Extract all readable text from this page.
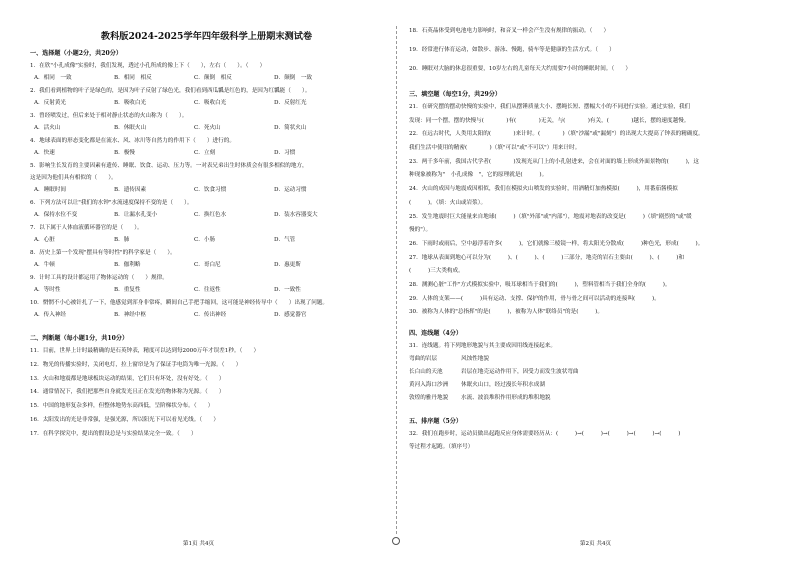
教科版2024-2025学年四年级科学上册期末测试卷
一、选择题（小题2分，共20分）
1．在欣"小孔成像"实验时，我们发现，透过小孔所成的像上下（　　），左右（　　）。（　　）
A．相同　一致	B．相同　相反	C．颠倒　相反	D．颠倒　一致
2．我们看到植物的叶子是绿色的，是因为叶子反射了绿色光，我们看到西瓜瓤是红色的，是因为红瓤能（　　）。
A．反射黄光	B．吸收白光	C．吸收白光	D．反射红光
3．曾经喷发过，但后来处于相对静止状态的火山称为（　　）。
A．活火山	B．休眠火山	C．死火山	D．简状火山
4．地球表面的形态变化都是在流水、风、冰川等自然力的作用下（　　）进行的。
A．快速	B．极慢	C．立刻	D．习惯
5．影响生长发育的主要因素有遗传、睡眠、饮食、运动、压力等。一对表兄弟出生时体质会有很多相似的地方，
这是因为他们具有相似的（　　）。
A．睡眠时间	B．遗传因素	C．饮食习惯	D．运动习惯
6．下列方法可以让"我们的水钟"水流速度保持不变的是（　　）。
A．保持水位不变	B．让漏水孔变小	C．换红色水	D．装水容器变大
7．以下属于人体血液循环器官的是（　　）。
A．心脏	B．肺	C．小肠	D．气管
8．历史上第一个发现"摆具有等时性"的科学家是（　　）。
A．牛顿	B．伽利略	C．哥白尼	D．惠更斯
9．计时工具的设计都运用了物体运动的（　　）规律。
A．等时性	B．重复性	C．往返性	D．一致性
10．惘惘不小心被针扎了一下，他感觉到浑身非常疼，瞬间自己手把手缩回，这可能是神经传导中（　　）出现了问题。
A．传入神经	B．神经中枢	C．传出神经	D．感觉器官
二、判断题（每小题1分，共10分）
11．目前，世界上计时最精确的是石英钟表，精度可以达到每2000万年才误差1秒。（　　）
12．物光的传播实验时，关闭电灯，拉上窗帘是为了保证手电筒为唯一光源。（　　）
13．火山和地震都是地球板块运动的结果，它们只有坏处，没有好处。（　　）
14．通常情况下，我们把那些自身就发光且正在发光的物体称为光源。（　　）
15．中国的地形复杂多样，但整体地势东高西低，呈阶梯状分布。（　　）
16．太阳发出的光是非常强，是强光源，所以阳光下可以看见光线。（　　）
17．在科学探究中，提出的假设总是与实验结果完全一致。（　　）
18．石英晶体受到电池电力影响时，和音叉一样会产生没有规律的振动。（　　）
19．经常进行体育运动，如散步、游泳、慢跑，骑车等是健康的生活方式。（　　）
20．睡眠对大脑的休息很重要，10岁左右的儿童每天大约需要7小时的睡眠时间。（　　）
三、填空题（每空1分，共29分）
21．在研究摆的摆动快慢的实验中，我们从摆锤质量大小、摆绳长短、摆幅大小的不同进行实验。通过实验，我们
发现：同一个摆，摆的快慢与(　　　　)有(　　　　)无关，与(　　　　)有关，(　　　　)越长，摆的速度越慢。
22．在远古时代，人类用太阳的(　　　　)来计时。(　　　　)（填"沙漏"或"漏刻"）的出现大大提高了钟表的精确度。
我们生活中使用的精密(　　　　)（填"可以"或"不可以"）用来计时。
23．两千多年前，我国古代学者(　　　　)发现光从门上的小孔射进来，会在对面的墙上形成外面景物的(　　　)，这
种现象被称为"　小孔成像　"，它的原理就是(　　　)。
24．火山的成因与地震成因相似，我们在模拟火山喷发的实验时，用酒精灯加热模拟(　　　)，用番茄酱模拟
(　　　)。（填：火山或岩浆）。
25．发生地震时巨大能量来自地球(　　　)（填"外部"或"内部"），地震对地表的改变是(　　　)（填"剧烈的"或"缓
慢的"）。
26．下雨时或雨后，空中悬浮着许多(　　　)，它们就像三棱镜一样，将太阳光分散成(　　　)种色光，形成(　　　)。
27．地球从表面到地心可以分为(　　　)、(　　　)、(　　　)三部分，地壳的岩石主要由(　　　)、(　　　)和
(　　　)三大类构成。
28．测测心脏"工作"方式模拟实验中，吸耳球相当于我们的(　　　)，塑料管相当于我们全身的(　　　)。
29．人体的支架——(　　　)具有运动、支撑、保护的作用，骨与骨之间可以活动的连接叫(　　　)。
30．被称为人体的"总指挥"的是(　　　)，被称为人体"联络员"的是(　　　)。
四、连线题（4分）
31．连线题。将下列地形地貌与其主要成因用线连接起来。
弯曲的岩层	风蚀性地貌
长白山的天池	岩层在地壳运动作用下，因受力而发生波状弯曲
黄河入海口沙洲	休眠火山口，经过漫长年积水成湖
敦煌的雅丹地貌	水流、波浪堆积作用形成的堆积地貌
五、排序题（5分）
32．我们在跑步时，运动员做出起跑反应身体需要经历从：(　　　)→(　　　)→(　　　)→(　　　)→(　　　)
等过程才起跑。（填序号）
第1页 共4页	第2页 共4页
